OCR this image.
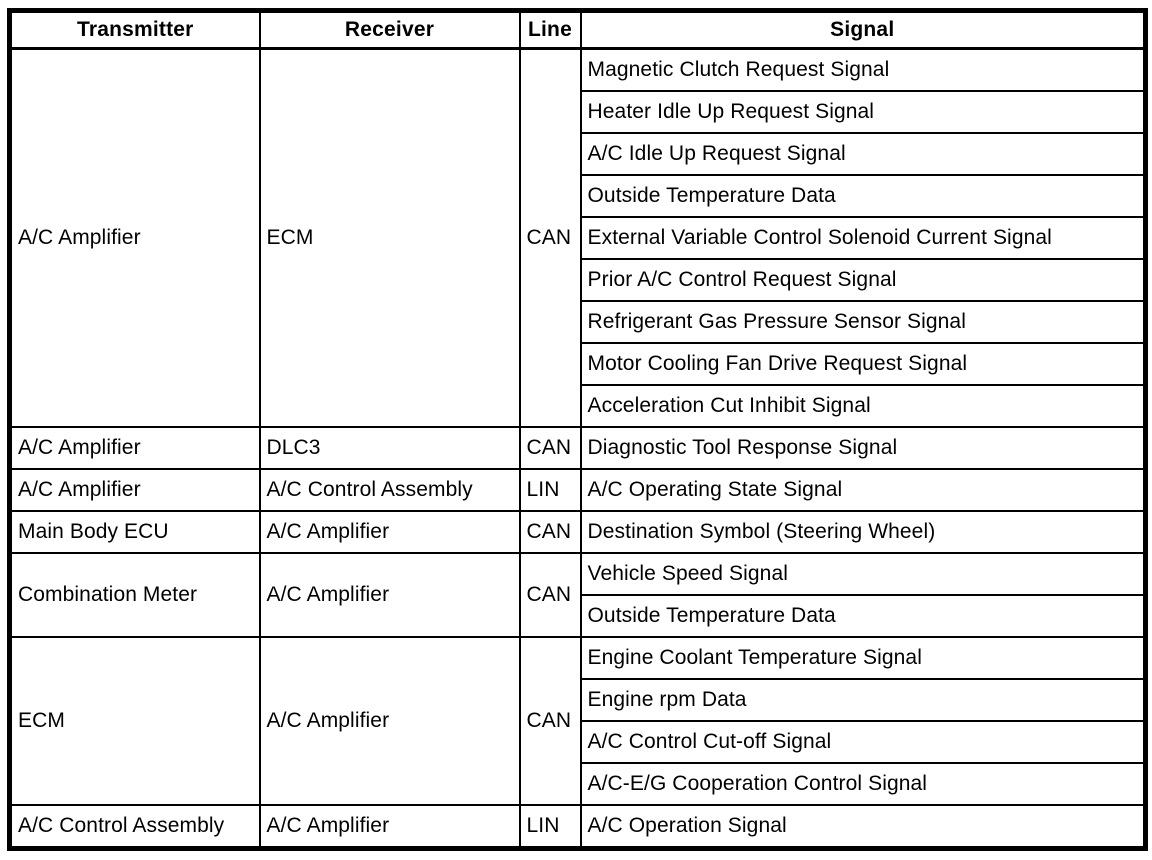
Transmitter	Receiver	Line	Signal
A/C Amplifier	ECM	CAN	Magnetic Clutch Request Signal
			Heater Idle Up Request Signal
			A/C Idle Up Request Signal
			Outside Temperature Data
			External Variable Control Solenoid Current Signal
			Prior A/C Control Request Signal
			Refrigerant Gas Pressure Sensor Signal
			Motor Cooling Fan Drive Request Signal
			Acceleration Cut Inhibit Signal
A/C Amplifier	DLC3	CAN	Diagnostic Tool Response Signal
A/C Amplifier	A/C Control Assembly	LIN	A/C Operating State Signal
Main Body ECU	A/C Amplifier	CAN	Destination Symbol (Steering Wheel)
Combination Meter	A/C Amplifier	CAN	Vehicle Speed Signal
			Outside Temperature Data
ECM	A/C Amplifier	CAN	Engine Coolant Temperature Signal
			Engine rpm Data
			A/C Control Cut-off Signal
			A/C-E/G Cooperation Control Signal
A/C Control Assembly	A/C Amplifier	LIN	A/C Operation Signal
